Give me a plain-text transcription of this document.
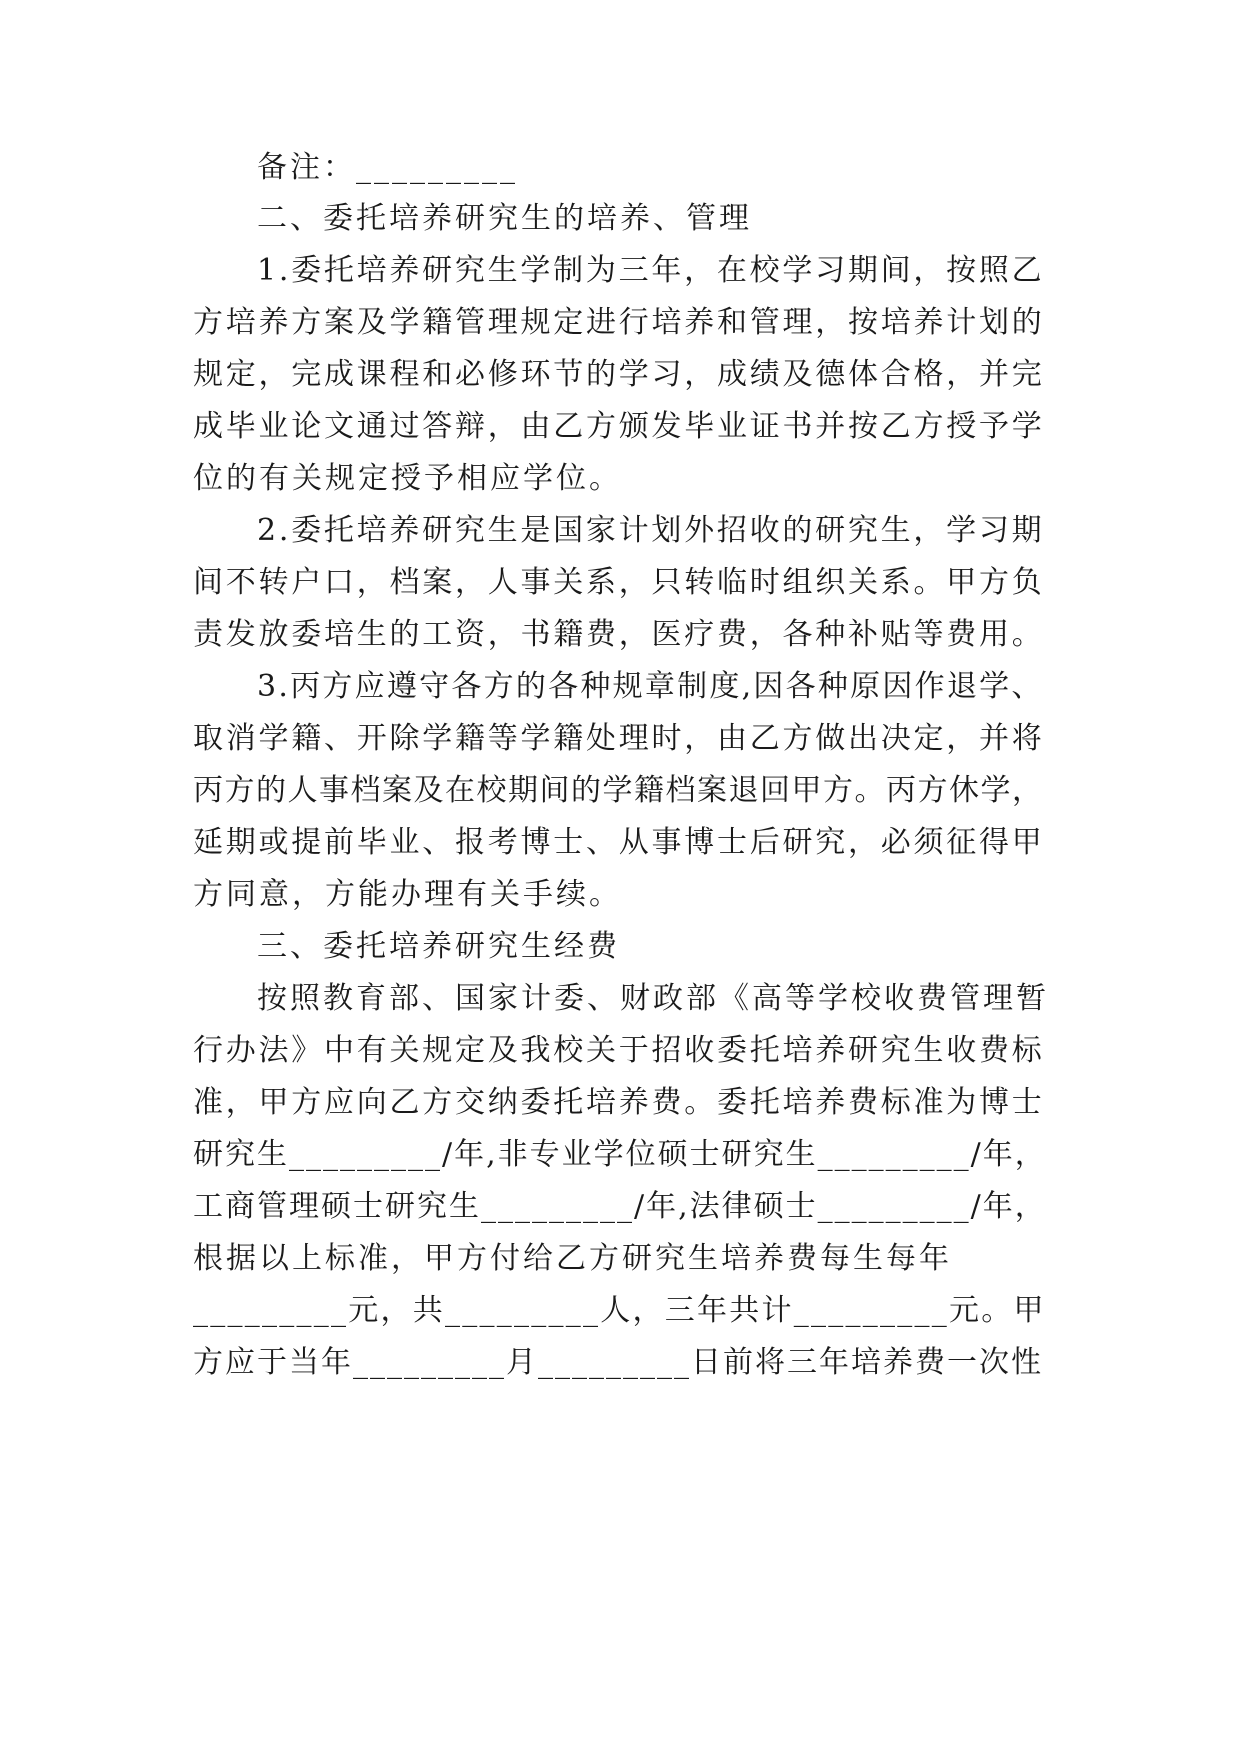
备注：_________
二、委托培养研究生的培养、管理
1.委托培养研究生学制为三年，在校学习期间，按照乙
方培养方案及学籍管理规定进行培养和管理，按培养计划的
规定，完成课程和必修环节的学习，成绩及德体合格，并完
成毕业论文通过答辩，由乙方颁发毕业证书并按乙方授予学
位的有关规定授予相应学位。
2.委托培养研究生是国家计划外招收的研究生，学习期
间不转户口，档案，人事关系，只转临时组织关系。甲方负
责发放委培生的工资，书籍费，医疗费，各种补贴等费用。
3.丙方应遵守各方的各种规章制度,因各种原因作退学、
取消学籍、开除学籍等学籍处理时，由乙方做出决定，并将
丙方的人事档案及在校期间的学籍档案退回甲方。丙方休学，
延期或提前毕业、报考博士、从事博士后研究，必须征得甲
方同意，方能办理有关手续。
三、委托培养研究生经费
按照教育部、国家计委、财政部《高等学校收费管理暂
行办法》中有关规定及我校关于招收委托培养研究生收费标
准，甲方应向乙方交纳委托培养费。委托培养费标准为博士
研究生_________/年,非专业学位硕士研究生_________/年，
工商管理硕士研究生_________/年,法律硕士_________/年，
根据以上标准，甲方付给乙方研究生培养费每生每年
_________元，共_________人，三年共计_________元。甲
方应于当年_________月_________日前将三年培养费一次性
